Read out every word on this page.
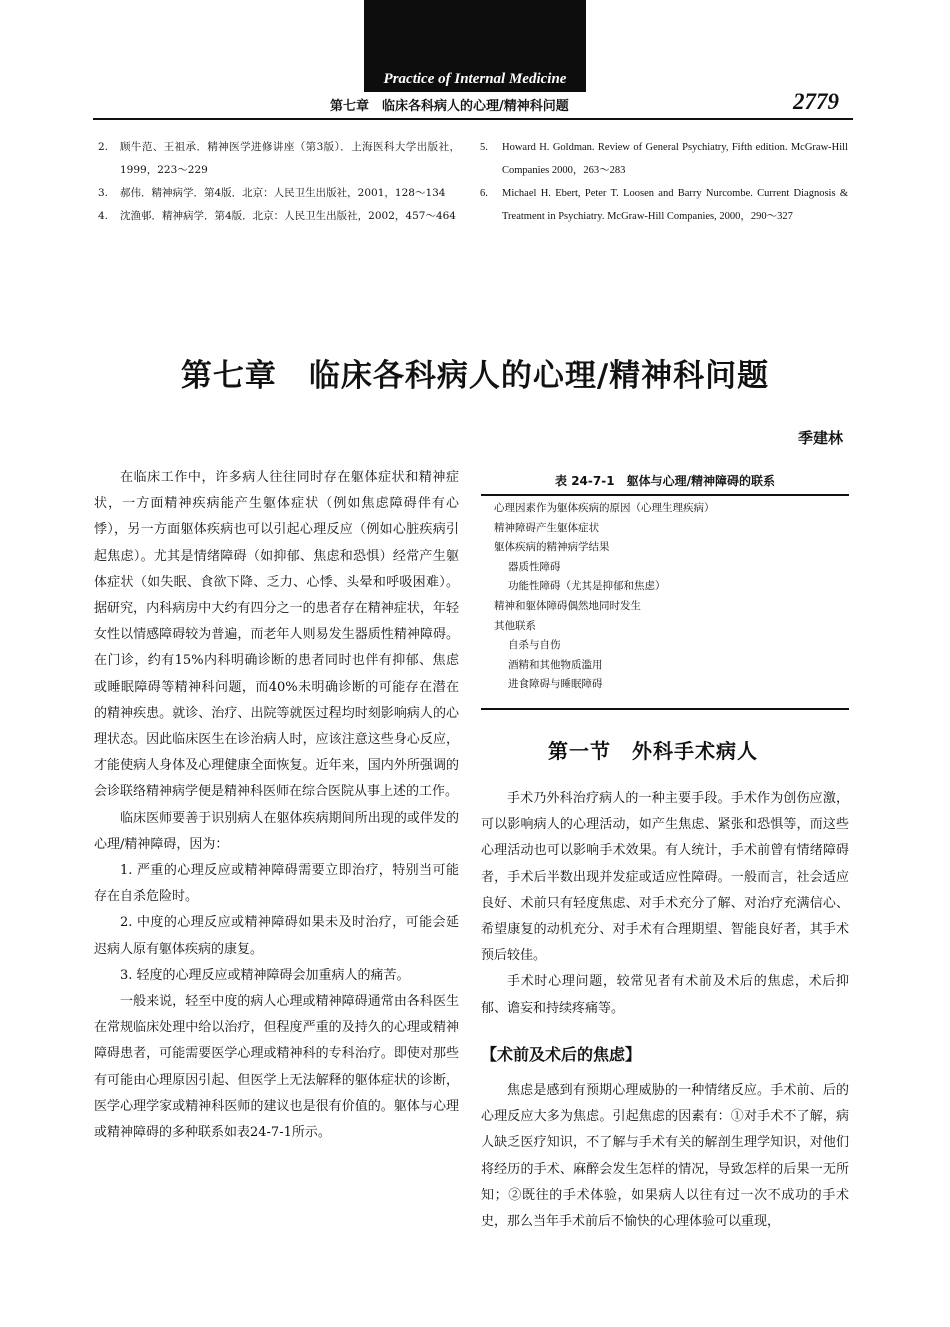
Practice of Internal Medicine
第七章　临床各科病人的心理/精神科问题	2779
2.	顾牛范、王祖承．精神医学进修讲座（第3版）．上海医科大学出版社，1999，223～229
3.	郝伟．精神病学．第4版．北京：人民卫生出版社，2001，128～134
4.	沈渔邨．精神病学．第4版．北京：人民卫生出版社，2002，457～464
5.	Howard H. Goldman. Review of General Psychiatry, Fifth edition. McGraw-Hill Companies 2000，263～283
6.	Michael H. Ebert, Peter T. Loosen and Barry Nurcombe. Current Diagnosis & Treatment in Psychiatry. McGraw-Hill Companies, 2000，290～327
第七章　临床各科病人的心理/精神科问题
季建林

在临床工作中，许多病人往往同时存在躯体症状和精神症状，一方面精神疾病能产生躯体症状（例如焦虑障碍伴有心悸），另一方面躯体疾病也可以引起心理反应（例如心脏疾病引起焦虑）。尤其是情绪障碍（如抑郁、焦虑和恐惧）经常产生躯体症状（如失眠、食欲下降、乏力、心悸、头晕和呼吸困难）。据研究，内科病房中大约有四分之一的患者存在精神症状，年轻女性以情感障碍较为普遍，而老年人则易发生器质性精神障碍。在门诊，约有15%内科明确诊断的患者同时也伴有抑郁、焦虑或睡眠障碍等精神科问题，而40%未明确诊断的可能存在潜在的精神疾患。就诊、治疗、出院等就医过程均时刻影响病人的心理状态。因此临床医生在诊治病人时，应该注意这些身心反应，才能使病人身体及心理健康全面恢复。近年来，国内外所强调的会诊联络精神病学便是精神科医师在综合医院从事上述的工作。

临床医师要善于识别病人在躯体疾病期间所出现的或伴发的心理/精神障碍，因为：

1. 严重的心理反应或精神障碍需要立即治疗，特别当可能存在自杀危险时。

2. 中度的心理反应或精神障碍如果未及时治疗，可能会延迟病人原有躯体疾病的康复。

3. 轻度的心理反应或精神障碍会加重病人的痛苦。

一般来说，轻至中度的病人心理或精神障碍通常由各科医生在常规临床处理中给以治疗，但程度严重的及持久的心理或精神障碍患者，可能需要医学心理或精神科的专科治疗。即使对那些有可能由心理原因引起、但医学上无法解释的躯体症状的诊断，医学心理学家或精神科医师的建议也是很有价值的。躯体与心理或精神障碍的多种联系如表24-7-1所示。

表 24-7-1　躯体与心理/精神障碍的联系
心理因素作为躯体疾病的原因（心理生理疾病）
精神障碍产生躯体症状
躯体疾病的精神病学结果
器质性障碍
功能性障碍（尤其是抑郁和焦虑）
精神和躯体障碍偶然地同时发生
其他联系
自杀与自伤
酒精和其他物质滥用
进食障碍与睡眠障碍
第一节　外科手术病人

手术乃外科治疗病人的一种主要手段。手术作为创伤应激，可以影响病人的心理活动，如产生焦虑、紧张和恐惧等，而这些心理活动也可以影响手术效果。有人统计，手术前曾有情绪障碍者，手术后半数出现并发症或适应性障碍。一般而言，社会适应良好、术前只有轻度焦虑、对手术充分了解、对治疗充满信心、希望康复的动机充分、对手术有合理期望、智能良好者，其手术预后较佳。

手术时心理问题，较常见者有术前及术后的焦虑，术后抑郁、谵妄和持续疼痛等。

【术前及术后的焦虑】

焦虑是感到有预期心理威胁的一种情绪反应。手术前、后的心理反应大多为焦虑。引起焦虑的因素有：①对手术不了解，病人缺乏医疗知识，不了解与手术有关的解剖生理学知识，对他们将经历的手术、麻醉会发生怎样的情况，导致怎样的后果一无所知；②既往的手术体验，如果病人以往有过一次不成功的手术史，那么当年手术前后不愉快的心理体验可以重现，
